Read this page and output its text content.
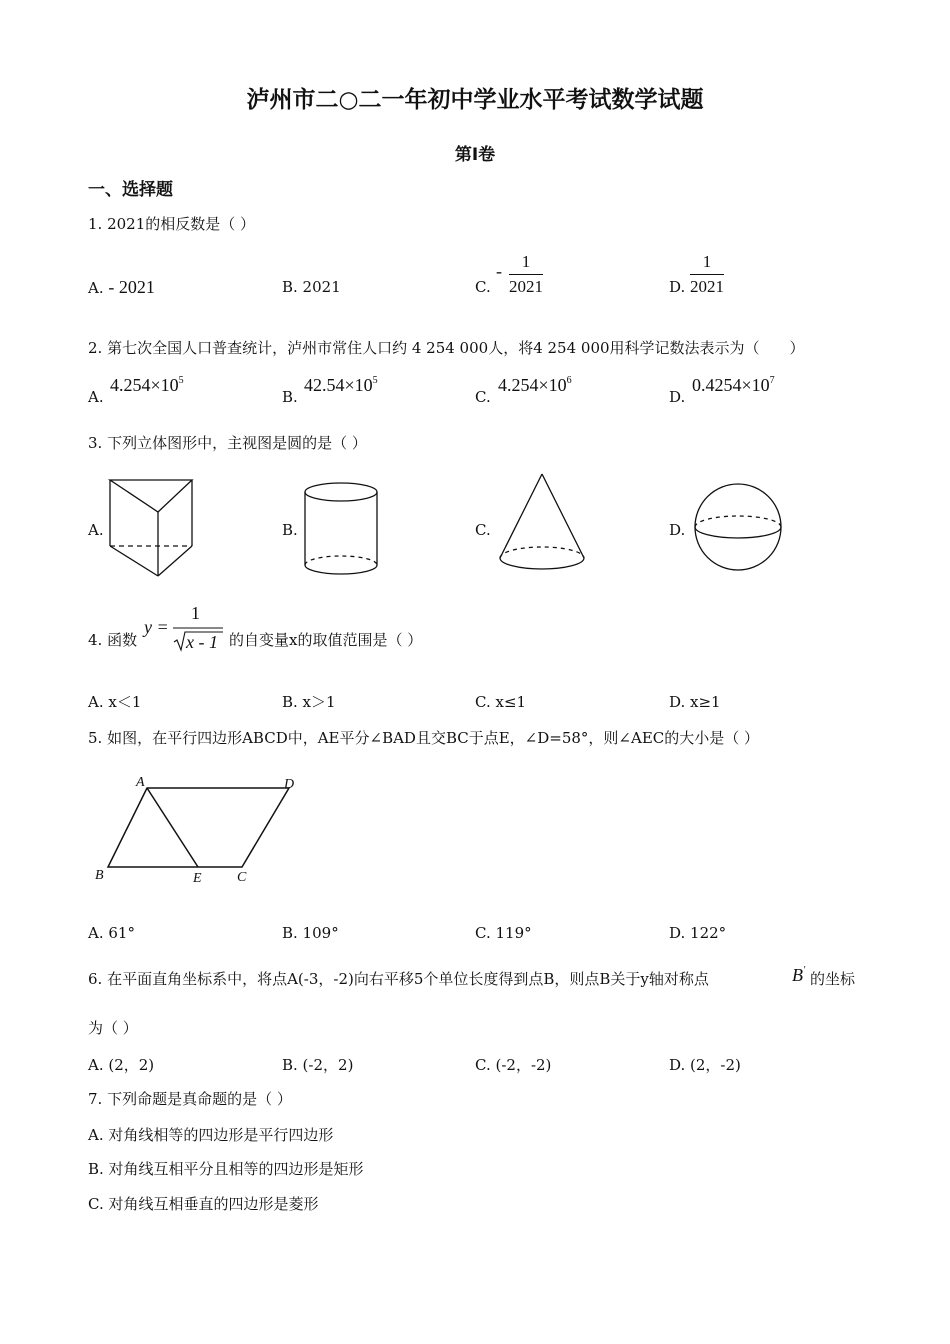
泸州市二○二一年初中学业水平考试数学试题
第Ⅰ卷
一、选择题
1. 2021的相反数是（ ）
A. - 2021	B. 2021	C.
- $\frac{1}{2021}$	D. $\frac{1}{2021}$
2. 第七次全国人口普查统计，泸州市常住人口约 4 254 000人，将4 254 000用科学记数法表示为（　　）
A.
$4.254\times 10^5$
B.
$42.54\times 10^5$
C.
$4.254\times 10^6$
D.
$0.4254\times 10^7$
3. 下列立体图形中，主视图是圆的是（ ）
A.	B.	C.	D.
4. 函数
y =
1
x - 1 的自变量x的取值范围是（ ）
A. x＜1	B. x＞1	C. x≤1	D. x≥1
5. 如图，在平行四边形ABCD中，AE平分∠BAD且交BC于点E，∠D=58°，则∠AEC的大小是（ ）
A	D
B	E	C
A. 61°	B. 109°	C. 119°	D. 122°
6. 在平面直角坐标系中，将点A(-3，-2)向右平移5个单位长度得到点B，则点B关于y轴对称点	B′ 的坐标
为（ ）
A. (2，2)	B. (-2，2)	C. (-2，-2)	D. (2，-2)
7. 下列命题是真命题的是（ ）
A. 对角线相等的四边形是平行四边形
B. 对角线互相平分且相等的四边形是矩形
C. 对角线互相垂直的四边形是菱形
